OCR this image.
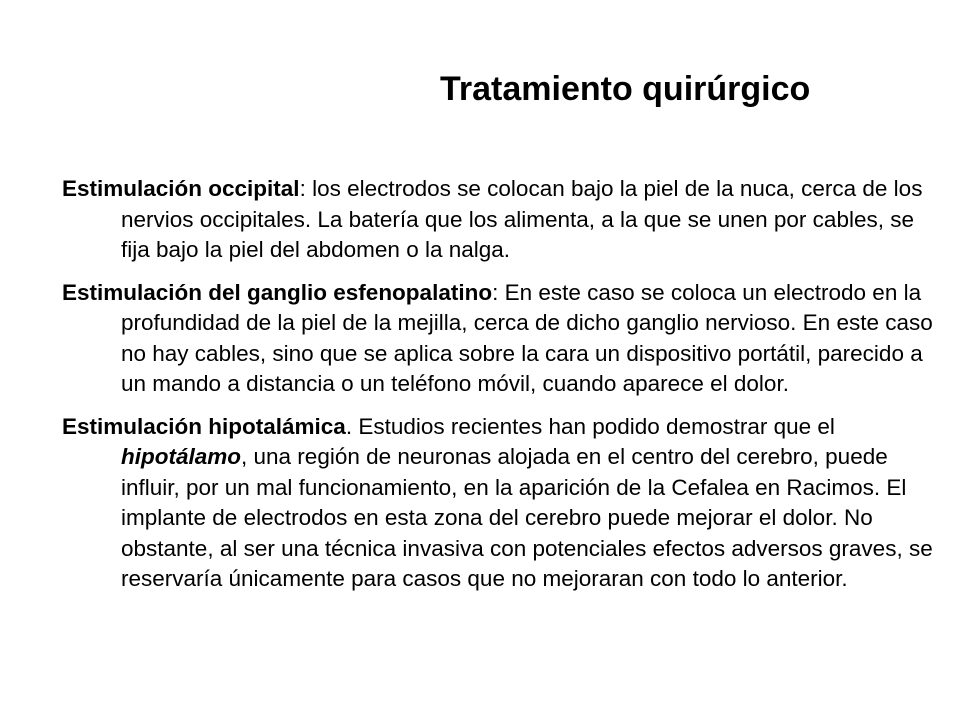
Tratamiento quirúrgico

Estimulación occipital: los electrodos se colocan bajo la piel de la nuca, cerca de los nervios occipitales. La batería que los alimenta, a la que se unen por cables, se fija bajo la piel del abdomen o la nalga.

Estimulación del ganglio esfenopalatino: En este caso se coloca un electrodo en la profundidad de la piel de la mejilla, cerca de dicho ganglio nervioso. En este caso no hay cables, sino que se aplica sobre la cara un dispositivo portátil, parecido a un mando a distancia o un teléfono móvil, cuando aparece el dolor.

Estimulación hipotalámica. Estudios recientes han podido demostrar que el hipotálamo, una región de neuronas alojada en el centro del cerebro, puede influir, por un mal funcionamiento, en la aparición de la Cefalea en Racimos. El implante de electrodos en esta zona del cerebro puede mejorar el dolor. No obstante, al ser una técnica invasiva con potenciales efectos adversos graves, se reservaría únicamente para casos que no mejoraran con todo lo anterior.
